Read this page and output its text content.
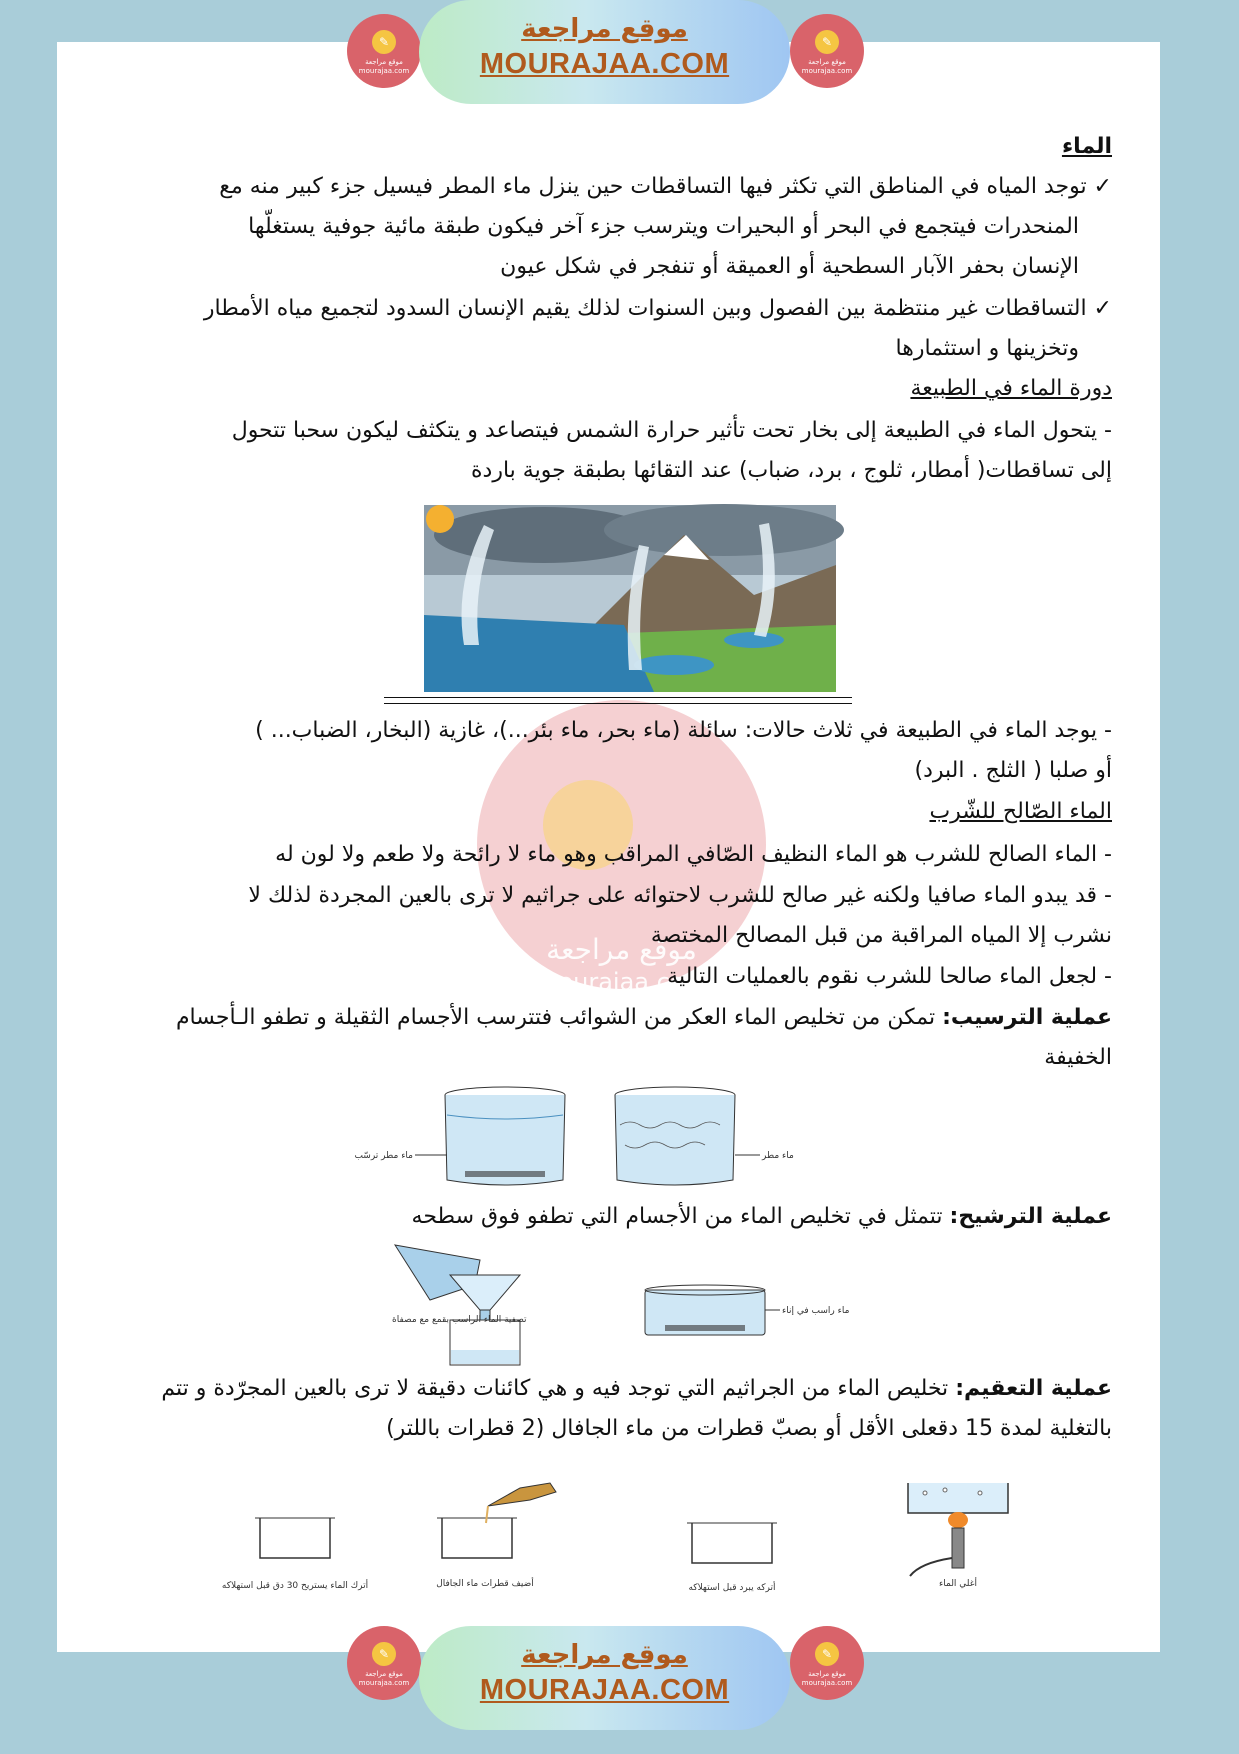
✎
موقع مراجعة mourajaa.com
موقع مراجعة
MOURAJAA.COM
✎
موقع مراجعة mourajaa.com
موقع مراجعة
mourajaa.com
الماء
✓ توجد المياه في المناطق التي تكثر فيها التساقطات حين ينزل ماء المطر فيسيل جزء كبير منه مع
المنحدرات فيتجمع في البحر أو البحيرات ويترسب جزء آخر فيكون طبقة مائية جوفية يستغلّها
الإنسان بحفر الآبار السطحية أو العميقة أو تنفجر في شكل عيون
✓ التساقطات غير منتظمة بين الفصول وبين السنوات لذلك يقيم الإنسان السدود لتجميع مياه الأمطار
وتخزينها و استثمارها
دورة الماء في الطبيعة
- يتحول الماء في الطبيعة إلى بخار تحت تأثير حرارة الشمس فيتصاعد و يتكثف ليكون سحبا تتحول
إلى تساقطات( أمطار، ثلوج ، برد، ضباب) عند التقائها بطبقة جوية باردة
- يوجد الماء في الطبيعة في ثلاث حالات: سائلة (ماء بحر، ماء بئر...)، غازية (البخار، الضباب... )
أو صلبا ( الثلج . البرد)
الماء الصّالح للشّرب
- الماء الصالح للشرب هو الماء النظيف الصّافي المراقب وهو ماء لا رائحة ولا طعم ولا لون له
- قد يبدو الماء صافيا ولكنه غير صالح للشرب لاحتوائه على جراثيم لا ترى بالعين المجردة لذلك لا
نشرب إلا المياه المراقبة من قبل المصالح المختصة
- لجعل الماء صالحا للشرب نقوم بالعمليات التالية
عملية الترسيب: تمكن من تخليص الماء العكر من الشوائب فتترسب الأجسام الثقيلة و تطفو الـأجسام
الخفيفة
ماء مطر ترسّب	ماء مطر
عملية الترشيح: تتمثل في تخليص الماء من الأجسام التي تطفو فوق سطحه
تصفية الماء الراسب بقمع مع مصفاة
ماء راسب في إناء
عملية التعقيم: تخليص الماء من الجراثيم التي توجد فيه و هي كائنات دقيقة لا ترى بالعين المجرّدة و تتم
بالتغلية لمدة 15 دقعلى الأقل أو بصبّ قطرات من ماء الجافال (2 قطرات باللتر)
أترك الماء يستريح 30 دق قبل استهلاكه	أضيف قطرات ماء الجافال	أتركه يبرد قبل استهلاكه	أغلي الماء
✎
موقع مراجعة mourajaa.com
موقع مراجعة
MOURAJAA.COM
✎
موقع مراجعة mourajaa.com
